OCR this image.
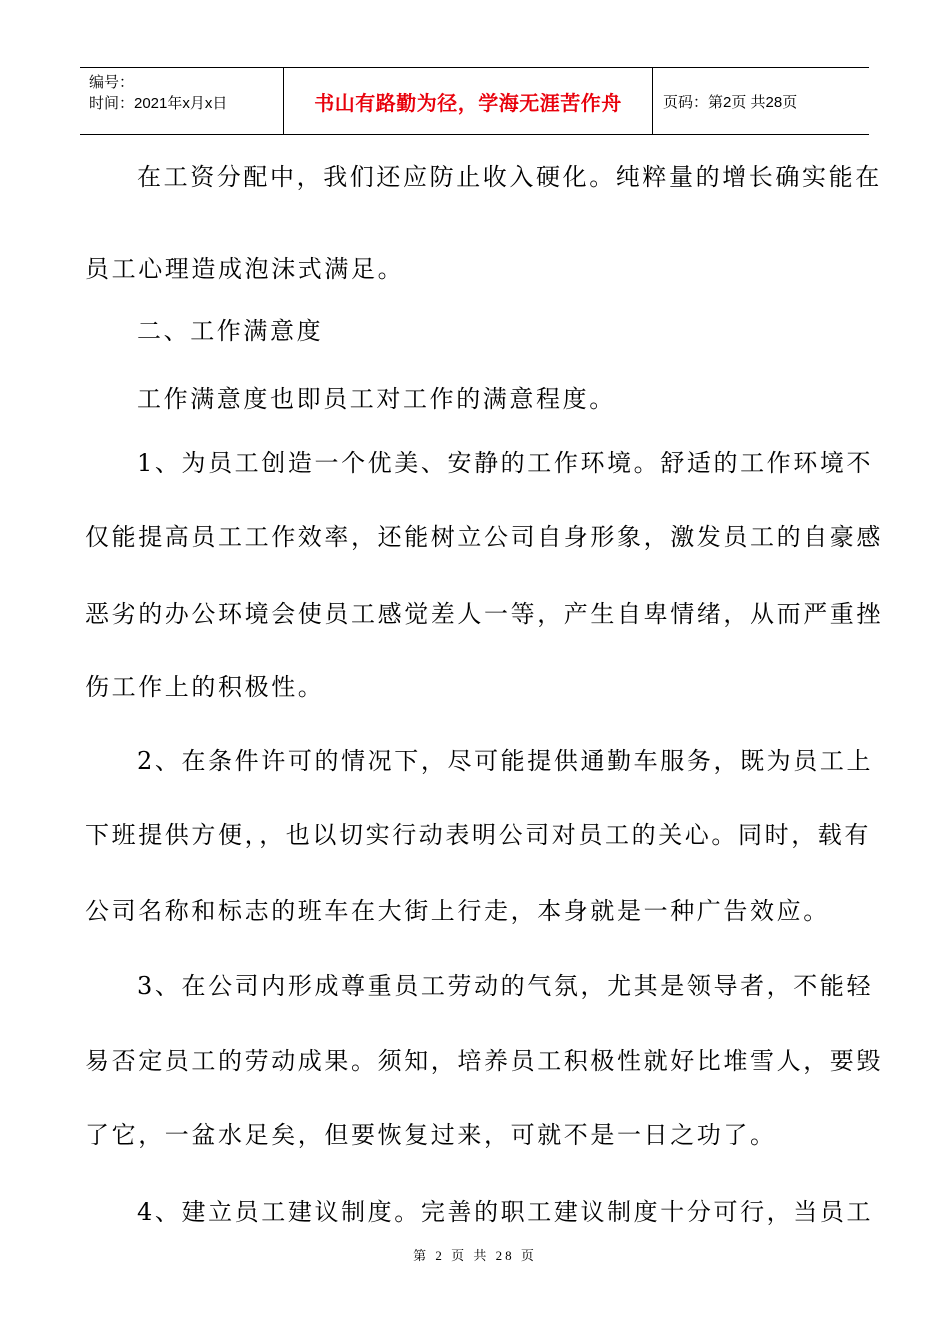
编号：
时间：2021年x月x日	书山有路勤为径，学海无涯苦作舟	页码：第2页 共28页
在工资分配中，我们还应防止收入硬化。纯粹量的增长确实能在
员工心理造成泡沫式满足。
二、工作满意度
工作满意度也即员工对工作的满意程度。
1、为员工创造一个优美、安静的工作环境。舒适的工作环境不
仅能提高员工工作效率，还能树立公司自身形象，激发员工的自豪感
恶劣的办公环境会使员工感觉差人一等，产生自卑情绪，从而严重挫
伤工作上的积极性。
2、在条件许可的情况下，尽可能提供通勤车服务，既为员工上
下班提供方便，，也以切实行动表明公司对员工的关心。同时，载有
公司名称和标志的班车在大街上行走，本身就是一种广告效应。
3、在公司内形成尊重员工劳动的气氛，尤其是领导者，不能轻
易否定员工的劳动成果。须知，培养员工积极性就好比堆雪人，要毁
了它，一盆水足矣，但要恢复过来，可就不是一日之功了。
4、建立员工建议制度。完善的职工建议制度十分可行，当员工
第 2 页 共 28 页
